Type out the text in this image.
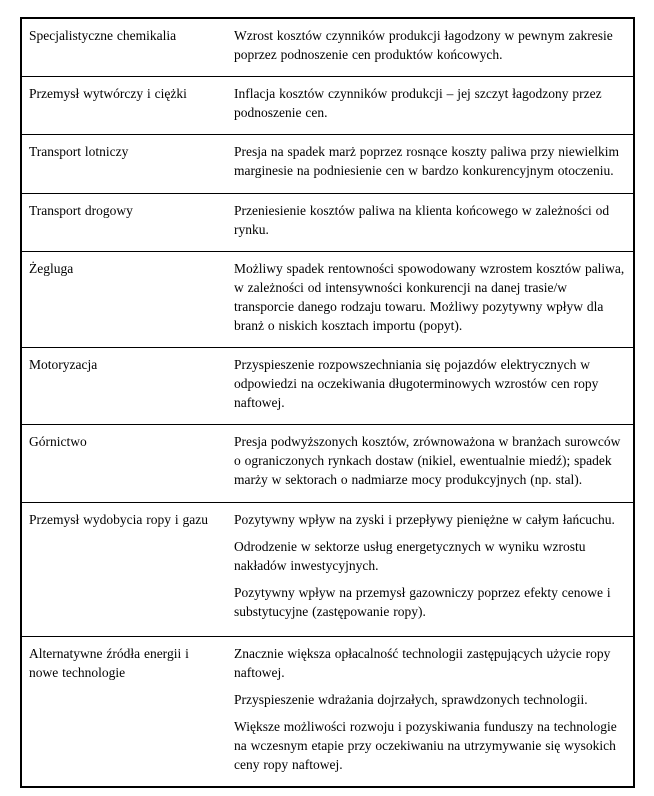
Specjalistyczne chemikalia	Wzrost kosztów czynników produkcji łagodzony w pewnym zakresie poprzez podnoszenie cen produktów końcowych.

Przemysł wytwórczy i ciężki	Inflacja kosztów czynników produkcji – jej szczyt łagodzony przez podnoszenie cen.

Transport lotniczy	Presja na spadek marż poprzez rosnące koszty paliwa przy niewielkim marginesie na podniesienie cen w bardzo konkurencyjnym otoczeniu.

Transport drogowy	Przeniesienie kosztów paliwa na klienta końcowego w zależności od rynku.

Żegluga	Możliwy spadek rentowności spowodowany wzrostem kosztów paliwa, w zależności od intensywności konkurencji na danej trasie/w transporcie danego rodzaju towaru. Możliwy pozytywny wpływ dla branż o niskich kosztach importu (popyt).

Motoryzacja	Przyspieszenie rozpowszechniania się pojazdów elektrycznych w odpowiedzi na oczekiwania długoterminowych wzrostów cen ropy naftowej.

Górnictwo	Presja podwyższonych kosztów, zrównoważona w branżach surowców o ograniczonych rynkach dostaw (nikiel, ewentualnie miedź); spadek marży w sektorach o nadmiarze mocy produkcyjnych (np. stal).

Przemysł wydobycia ropy i gazu	Pozytywny wpływ na zyski i przepływy pieniężne w całym łańcuchu.

Odrodzenie w sektorze usług energetycznych w wyniku wzrostu nakładów inwestycyjnych.

Pozytywny wpływ na przemysł gazowniczy poprzez efekty cenowe i substytucyjne (zastępowanie ropy).

Alternatywne źródła energii i nowe technologie	Znacznie większa opłacalność technologii zastępujących użycie ropy naftowej.

Przyspieszenie wdrażania dojrzałych, sprawdzonych technologii.

Większe możliwości rozwoju i pozyskiwania funduszy na technologie na wczesnym etapie przy oczekiwaniu na utrzymywanie się wysokich ceny ropy naftowej.
